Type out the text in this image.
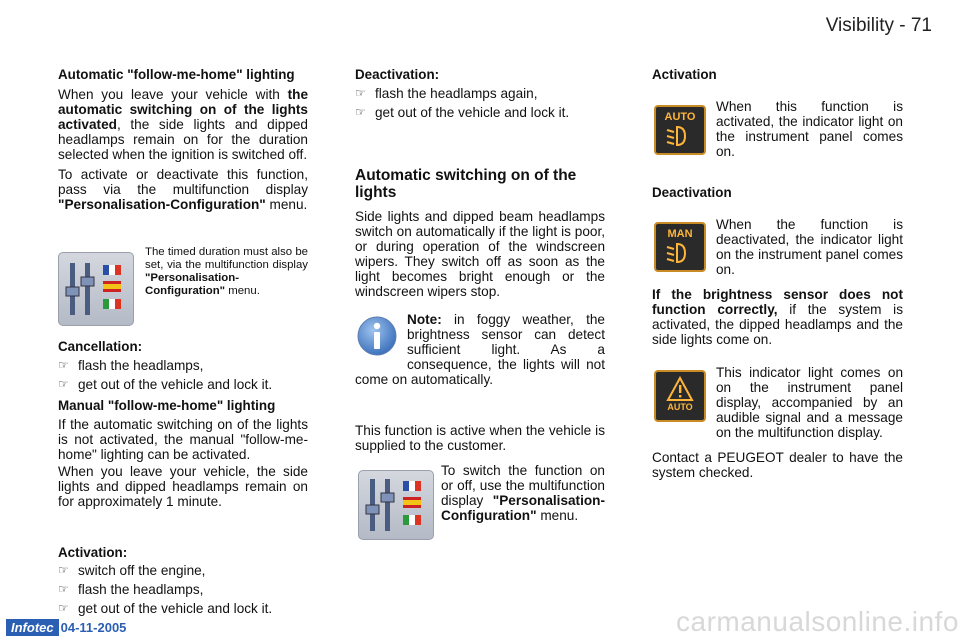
Visibility - 71
Automatic "follow-me-home" lighting
When you leave your vehicle with the automatic switching on of the lights activated, the side lights and dipped headlamps remain on for the duration selected when the ignition is switched off.
To activate or deactivate this function, pass via the multifunction display "Personalisation-Configuration" menu.
The timed duration must also be set, via the multifunction display "Personalisation-Configuration" menu.
Cancellation:
☞ flash the headlamps,
☞ get out of the vehicle and lock it.
Manual "follow-me-home" lighting
If the automatic switching on of the lights is not activated, the manual "follow-me-home" lighting can be activated.
When you leave your vehicle, the side lights and dipped headlamps remain on for approximately 1 minute.
Activation:
☞ switch off the engine,
☞ flash the headlamps,
☞ get out of the vehicle and lock it.
Deactivation:
☞ flash the headlamps again,
☞ get out of the vehicle and lock it.
Automatic switching on of the lights
Side lights and dipped beam headlamps switch on automatically if the light is poor, or during operation of the windscreen wipers. They switch off as soon as the light becomes bright enough or the windscreen wipers stop.
Note: in foggy weather, the brightness sensor can detect sufficient light. As a consequence, the lights will not come on automatically.
This function is active when the vehicle is supplied to the customer.
To switch the function on or off, use the multifunction display "Personalisation-Configuration" menu.
Activation
AUTO
When this function is activated, the indicator light on the instrument panel comes on.
Deactivation
MAN
When the function is deactivated, the indicator light on the instrument panel comes on.
If the brightness sensor does not function correctly, if the system is activated, the dipped headlamps and the side lights come on.
AUTO
This indicator light comes on on the instrument panel display, accompanied by an audible signal and a message on the multifunction display.
Contact a PEUGEOT dealer to have the system checked.
Infotec 04-11-2005	carmanualsonline.info
